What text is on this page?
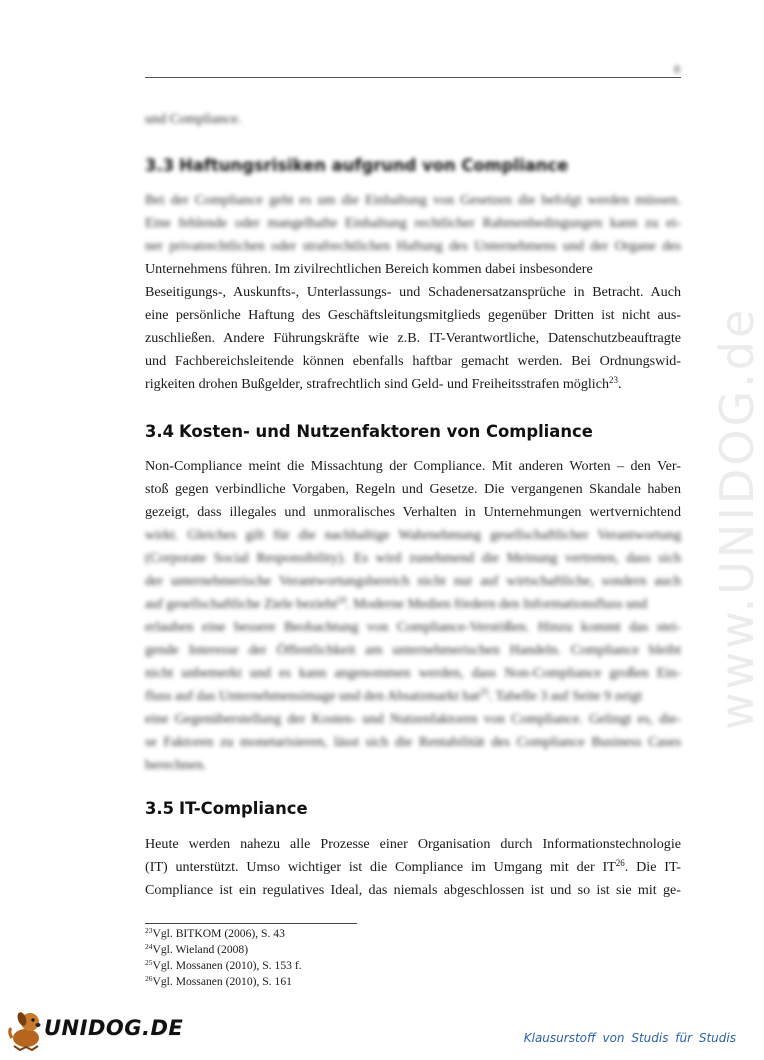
8
www.UNIDOG.de
und Compliance.
3.3 Haftungsrisiken aufgrund von Compliance
Bei der Compliance geht es um die Einhaltung von Gesetzen die befolgt werden müssen.
Eine fehlende oder mangelhafte Einhaltung rechtlicher Rahmenbedingungen kann zu ei-
ner privatrechtlichen oder strafrechtlichen Haftung des Unternehmens und der Organe des
Unternehmens führen. Im zivilrechtlichen Bereich kommen dabei insbesondere
Beseitigungs-, Auskunfts-, Unterlassungs- und Schadenersatzansprüche in Betracht. Auch
eine persönliche Haftung des Geschäftsleitungsmitglieds gegenüber Dritten ist nicht aus-
zuschließen. Andere Führungskräfte wie z.B. IT-Verantwortliche, Datenschutzbeauftragte
und Fachbereichsleitende können ebenfalls haftbar gemacht werden. Bei Ordnungswid-
rigkeiten drohen Bußgelder, strafrechtlich sind Geld- und Freiheitsstrafen möglich$^{23}$.
3.4 Kosten- und Nutzenfaktoren von Compliance
Non-Compliance meint die Missachtung der Compliance. Mit anderen Worten – den Ver-
stoß gegen verbindliche Vorgaben, Regeln und Gesetze. Die vergangenen Skandale haben
gezeigt, dass illegales und unmoralisches Verhalten in Unternehmungen wertvernichtend
wirkt. Gleiches gilt für die nachhaltige Wahrnehmung gesellschaftlicher Verantwortung
(Corporate Social Responsibility). Es wird zunehmend die Meinung vertreten, dass sich
der unternehmerische Verantwortungsbereich nicht nur auf wirtschaftliche, sondern auch
auf gesellschaftliche Ziele bezieht$^{24}$. Moderne Medien fördern den Informationsfluss und
erlauben eine bessere Beobachtung von Compliance-Verstößen. Hinzu kommt das stei-
gende Interesse der Öffentlichkeit am unternehmerischen Handeln. Compliance bleibt
nicht unbemerkt und es kann angenommen werden, dass Non-Compliance großen Ein-
fluss auf das Unternehmensimage und den Absatzmarkt hat$^{25}$. Tabelle 3 auf Seite 9 zeigt
eine Gegenüberstellung der Kosten- und Nutzenfaktoren von Compliance. Gelingt es, die-
se Faktoren zu monetarisieren, lässt sich die Rentabilität des Compliance Business Cases
berechnen.
3.5 IT-Compliance
Heute werden nahezu alle Prozesse einer Organisation durch Informationstechnologie
(IT) unterstützt. Umso wichtiger ist die Compliance im Umgang mit der IT$^{26}$. Die IT-
Compliance ist ein regulatives Ideal, das niemals abgeschlossen ist und so ist sie mit ge-
$^{23}$Vgl. BITKOM (2006), S. 43
$^{24}$Vgl. Wieland (2008)
$^{25}$Vgl. Mossanen (2010), S. 153 f.
$^{26}$Vgl. Mossanen (2010), S. 161
UNIDOG.DE	Klausurstoff von Studis für Studis
